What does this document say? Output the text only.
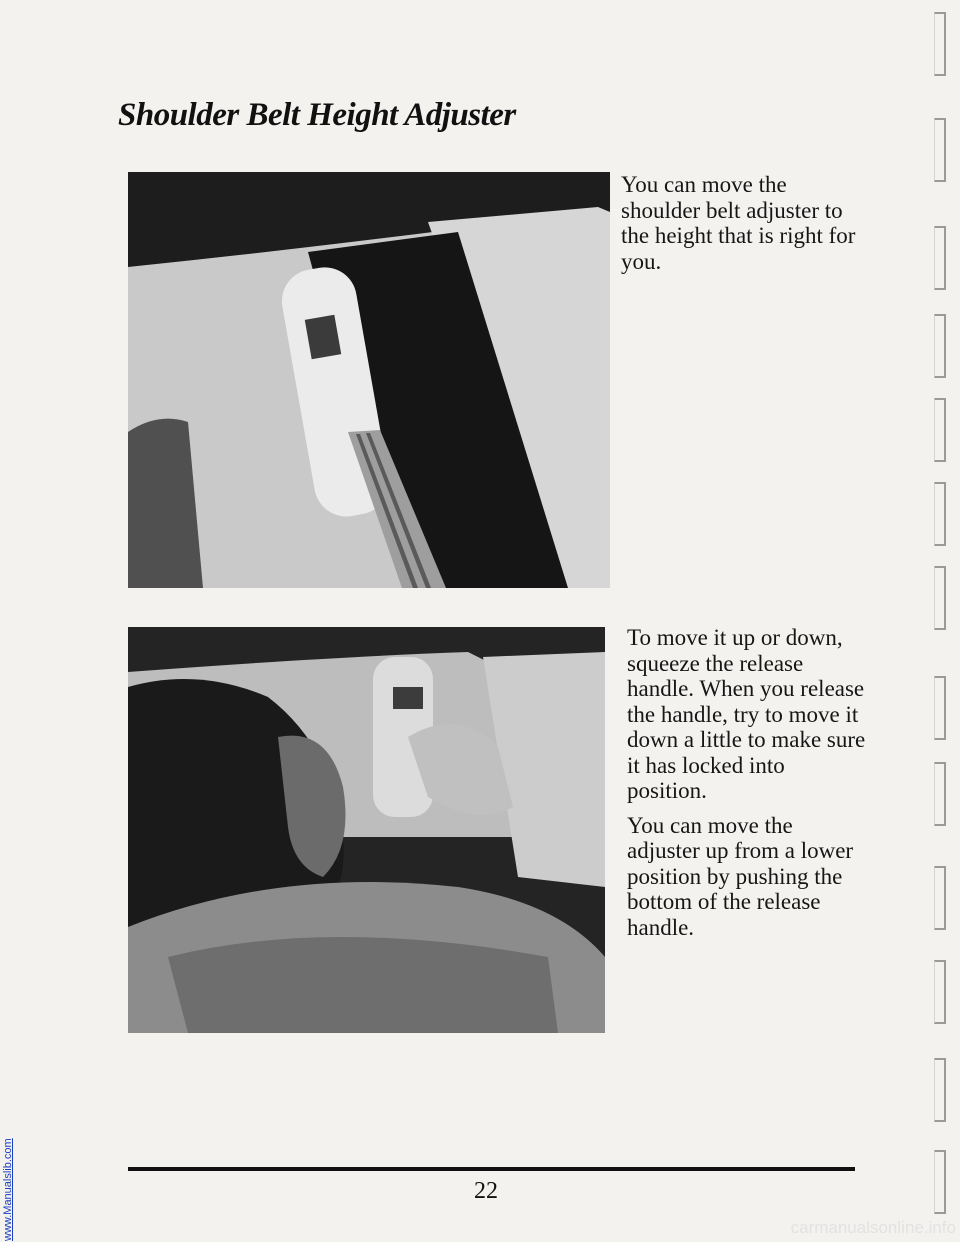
www.Manualslib.com
Shoulder Belt Height Adjuster

You can move the shoulder belt adjuster to the height that is right for you.

To move it up or down, squeeze the release handle. When you release the handle, try to move it down a little to make sure it has locked into position.

You can move the adjuster up from a lower position by pushing the bottom of the release handle.

22
carmanualsonline.info
